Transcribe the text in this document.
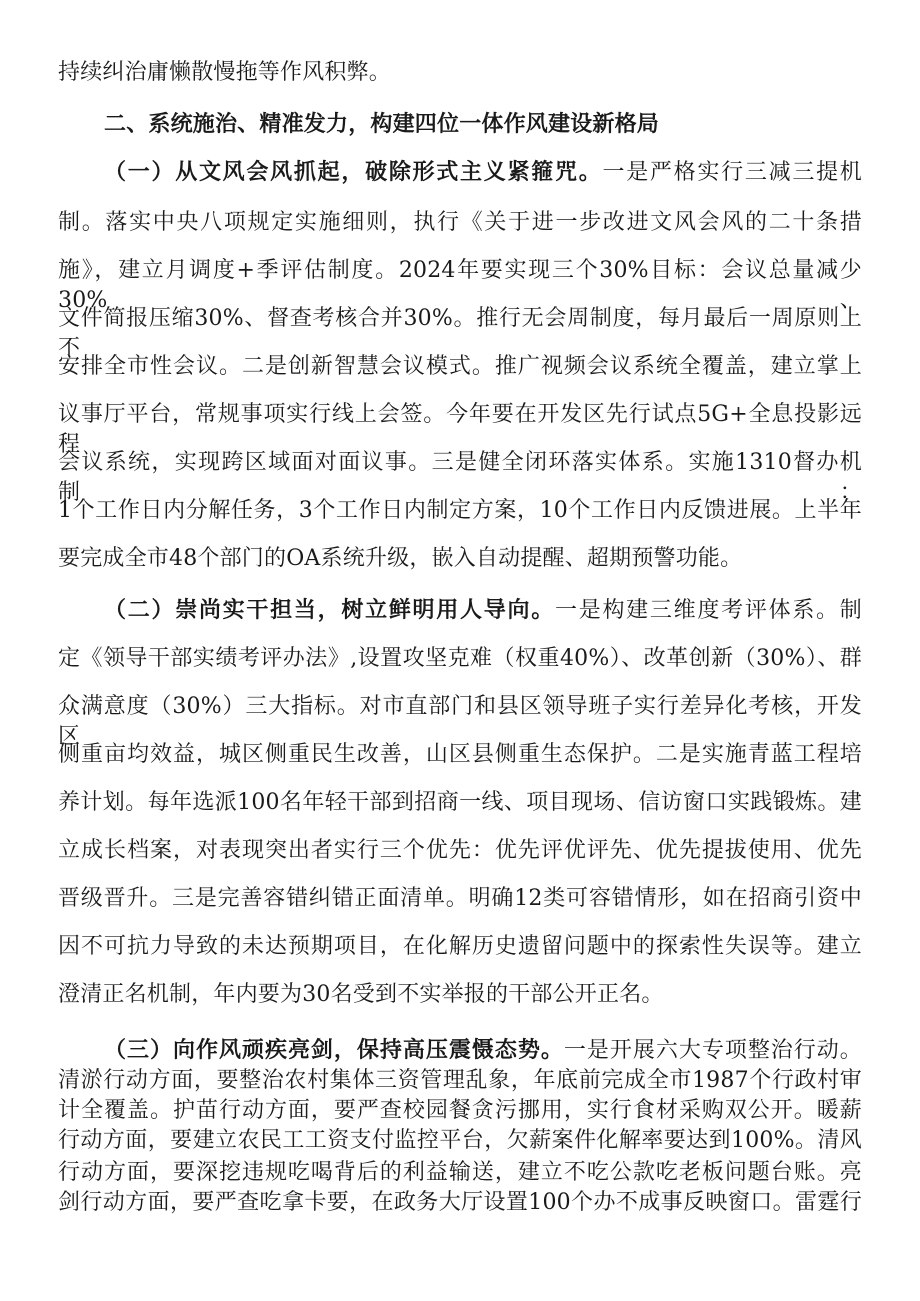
持续纠治庸懒散慢拖等作风积弊。
二、系统施治、精准发力，构建四位一体作风建设新格局
（一）从文风会风抓起，破除形式主义紧箍咒。一是严格实行三减三提机
制。落实中央八项规定实施细则，执行《关于进一步改进文风会风的二十条措
施》，建立月调度+季评估制度。2024年要实现三个30%目标：会议总量减少30%、
文件简报压缩30%、督查考核合并30%。推行无会周制度，每月最后一周原则上不
安排全市性会议。二是创新智慧会议模式。推广视频会议系统全覆盖，建立掌上
议事厅平台，常规事项实行线上会签。今年要在开发区先行试点5G+全息投影远程
会议系统，实现跨区域面对面议事。三是健全闭环落实体系。实施1310督办机制：
1个工作日内分解任务，3个工作日内制定方案，10个工作日内反馈进展。上半年
要完成全市48个部门的OA系统升级，嵌入自动提醒、超期预警功能。
（二）崇尚实干担当，树立鲜明用人导向。一是构建三维度考评体系。制
定《领导干部实绩考评办法》,设置攻坚克难（权重40%）、改革创新（30%）、群
众满意度（30%）三大指标。对市直部门和县区领导班子实行差异化考核，开发区
侧重亩均效益，城区侧重民生改善，山区县侧重生态保护。二是实施青蓝工程培
养计划。每年选派100名年轻干部到招商一线、项目现场、信访窗口实践锻炼。建
立成长档案，对表现突出者实行三个优先：优先评优评先、优先提拔使用、优先
晋级晋升。三是完善容错纠错正面清单。明确12类可容错情形，如在招商引资中
因不可抗力导致的未达预期项目，在化解历史遗留问题中的探索性失误等。建立
澄清正名机制，年内要为30名受到不实举报的干部公开正名。
（三）向作风顽疾亮剑，保持高压震慑态势。一是开展六大专项整治行动。
清淤行动方面，要整治农村集体三资管理乱象，年底前完成全市1987个行政村审
计全覆盖。护苗行动方面，要严查校园餐贪污挪用，实行食材采购双公开。暖薪
行动方面，要建立农民工工资支付监控平台，欠薪案件化解率要达到100%。清风
行动方面，要深挖违规吃喝背后的利益输送，建立不吃公款吃老板问题台账。亮
剑行动方面，要严查吃拿卡要，在政务大厅设置100个办不成事反映窗口。雷霆行
